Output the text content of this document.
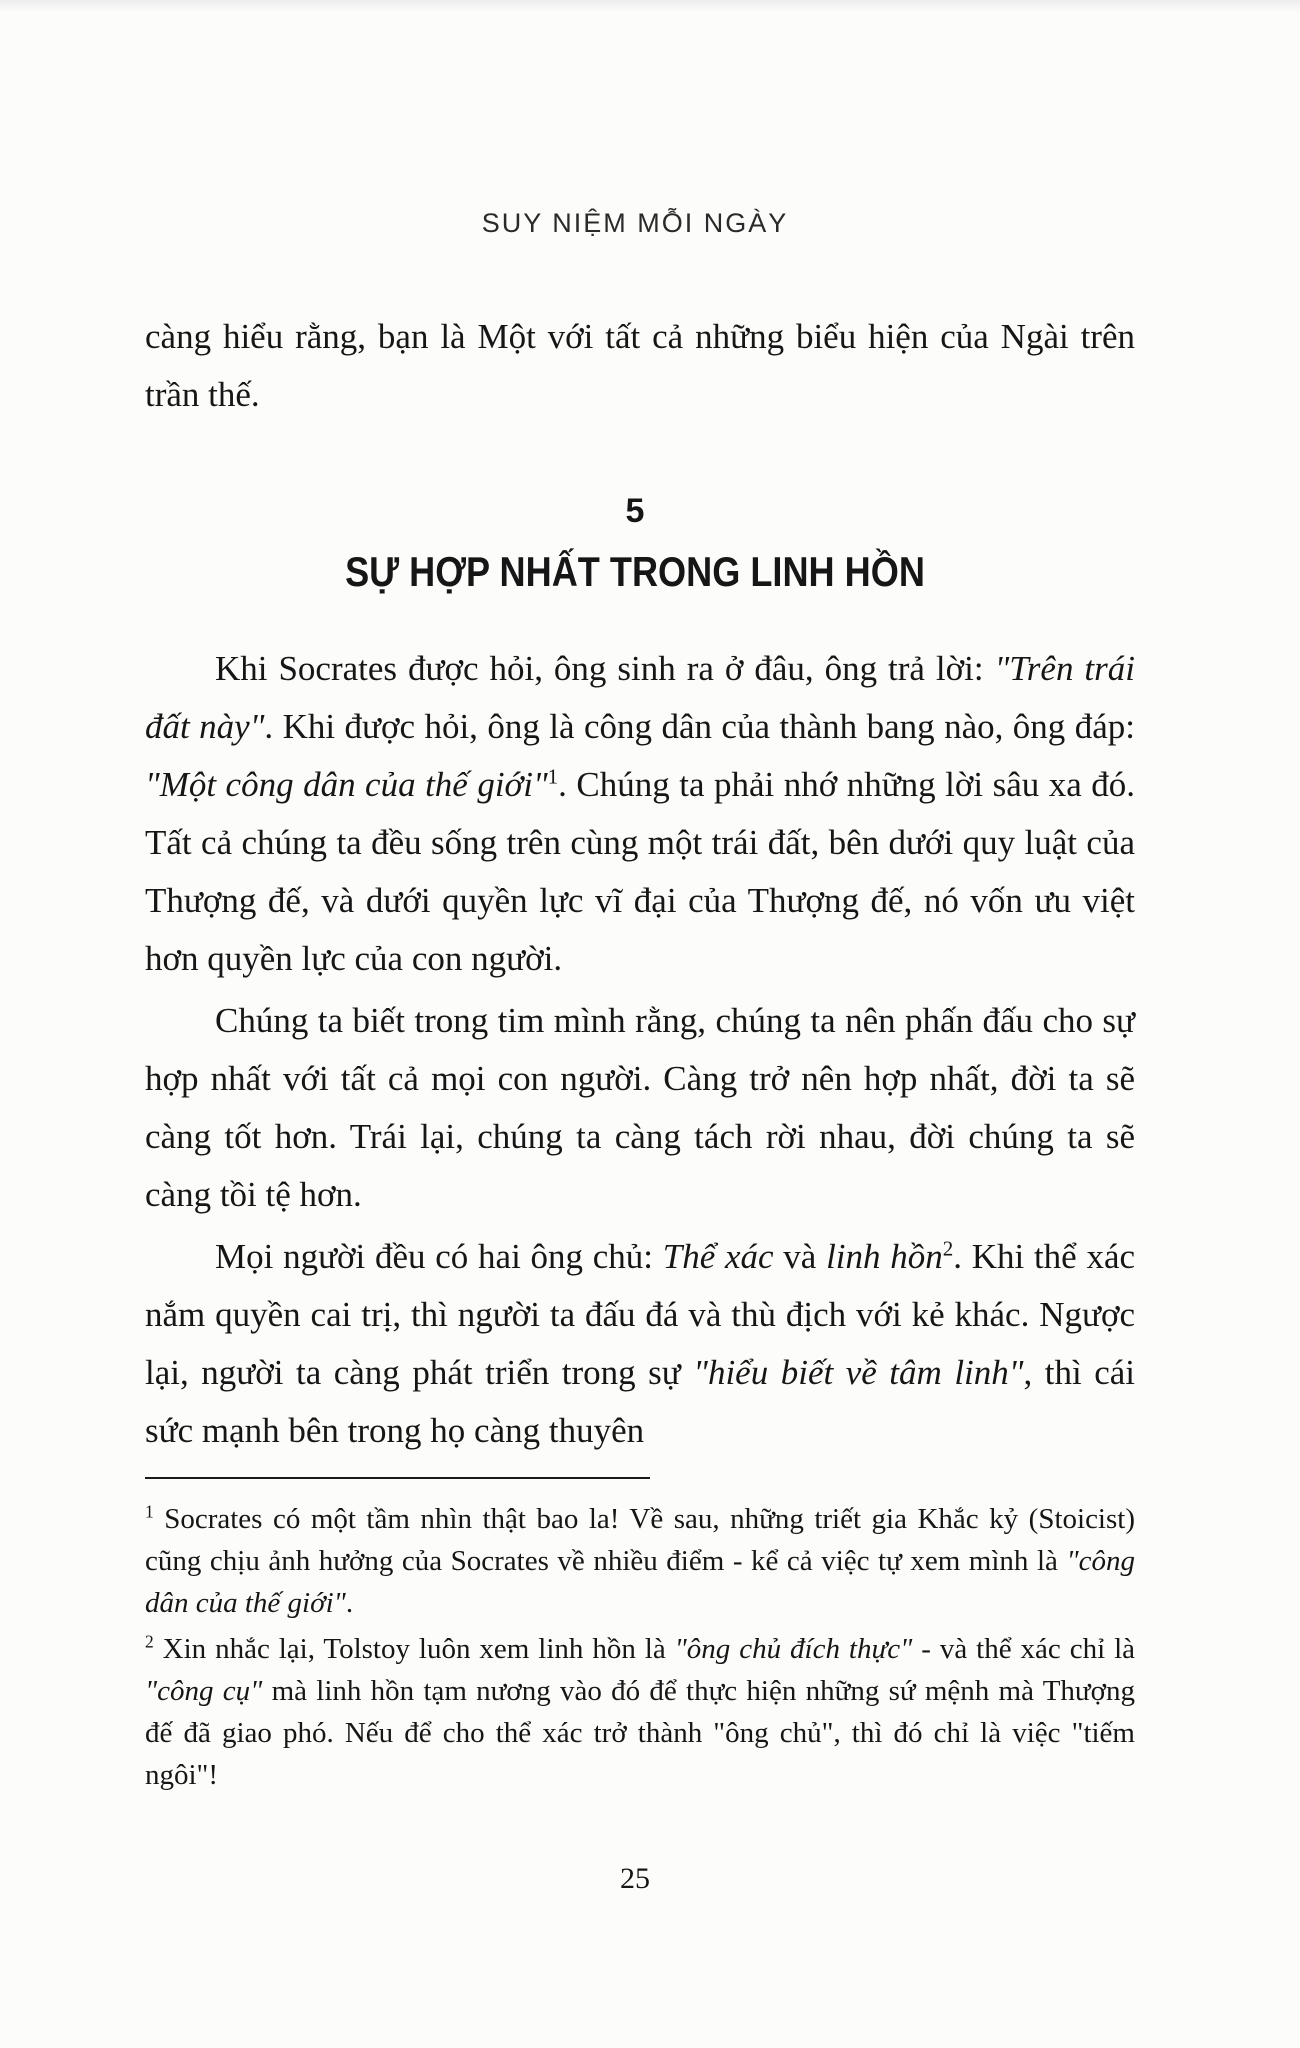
SUY NIỆM MỖI NGÀY

càng hiểu rằng, bạn là Một với tất cả những biểu hiện của Ngài trên trần thế.

5
SỰ HỢP NHẤT TRONG LINH HỒN

Khi Socrates được hỏi, ông sinh ra ở đâu, ông trả lời: "Trên trái đất này". Khi được hỏi, ông là công dân của thành bang nào, ông đáp: "Một công dân của thế giới"$^1$. Chúng ta phải nhớ những lời sâu xa đó. Tất cả chúng ta đều sống trên cùng một trái đất, bên dưới quy luật của Thượng đế, và dưới quyền lực vĩ đại của Thượng đế, nó vốn ưu việt hơn quyền lực của con người.

Chúng ta biết trong tim mình rằng, chúng ta nên phấn đấu cho sự hợp nhất với tất cả mọi con người. Càng trở nên hợp nhất, đời ta sẽ càng tốt hơn. Trái lại, chúng ta càng tách rời nhau, đời chúng ta sẽ càng tồi tệ hơn.

Mọi người đều có hai ông chủ: Thể xác và linh hồn$^2$. Khi thể xác nắm quyền cai trị, thì người ta đấu đá và thù địch với kẻ khác. Ngược lại, người ta càng phát triển trong sự "hiểu biết về tâm linh", thì cái sức mạnh bên trong họ càng thuyên

$^1$ Socrates có một tầm nhìn thật bao la! Về sau, những triết gia Khắc kỷ (Stoicist) cũng chịu ảnh hưởng của Socrates về nhiều điểm - kể cả việc tự xem mình là "công dân của thế giới".

$^2$ Xin nhắc lại, Tolstoy luôn xem linh hồn là "ông chủ đích thực" - và thể xác chỉ là "công cụ" mà linh hồn tạm nương vào đó để thực hiện những sứ mệnh mà Thượng đế đã giao phó. Nếu để cho thể xác trở thành "ông chủ", thì đó chỉ là việc "tiếm ngôi"!

25
